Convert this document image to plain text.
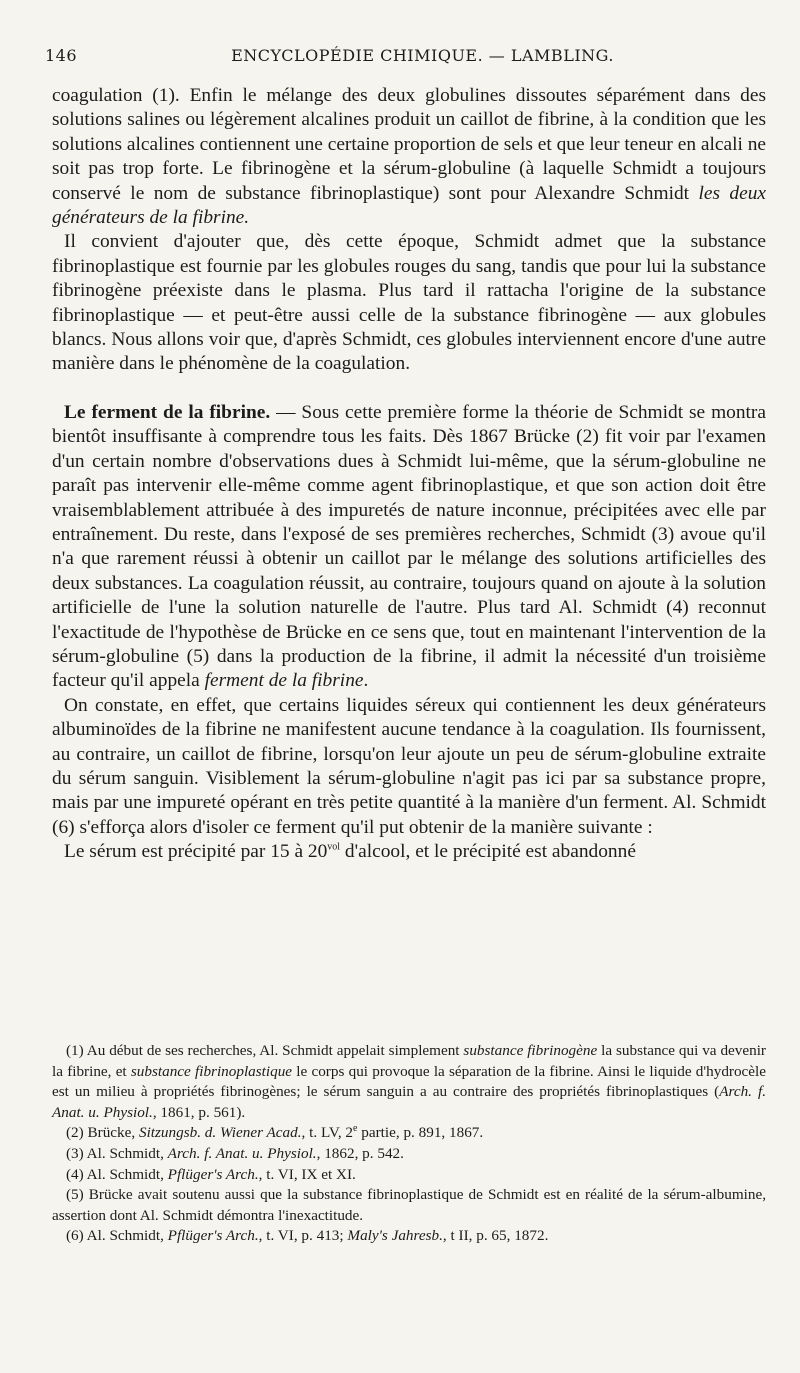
146	ENCYCLOPÉDIE CHIMIQUE. — LAMBLING.

coagulation (1). Enfin le mélange des deux globulines dissoutes séparément dans des solutions salines ou légèrement alcalines produit un caillot de fibrine, à la condition que les solutions alcalines contiennent une certaine proportion de sels et que leur teneur en alcali ne soit pas trop forte. Le fibrinogène et la sérum-globuline (à laquelle Schmidt a toujours conservé le nom de substance fibrinoplastique) sont pour Alexandre Schmidt les deux générateurs de la fibrine.

Il convient d'ajouter que, dès cette époque, Schmidt admet que la substance fibrinoplastique est fournie par les globules rouges du sang, tandis que pour lui la substance fibrinogène préexiste dans le plasma. Plus tard il rattacha l'origine de la substance fibrinoplastique — et peut-être aussi celle de la substance fibrinogène — aux globules blancs. Nous allons voir que, d'après Schmidt, ces globules interviennent encore d'une autre manière dans le phénomène de la coagulation.

Le ferment de la fibrine. — Sous cette première forme la théorie de Schmidt se montra bientôt insuffisante à comprendre tous les faits. Dès 1867 Brücke (2) fit voir par l'examen d'un certain nombre d'observations dues à Schmidt lui-même, que la sérum-globuline ne paraît pas intervenir elle-même comme agent fibrinoplastique, et que son action doit être vraisemblablement attribuée à des impuretés de nature inconnue, précipitées avec elle par entraînement. Du reste, dans l'exposé de ses premières recherches, Schmidt (3) avoue qu'il n'a que rarement réussi à obtenir un caillot par le mélange des solutions artificielles des deux substances. La coagulation réussit, au contraire, toujours quand on ajoute à la solution artificielle de l'une la solution naturelle de l'autre. Plus tard Al. Schmidt (4) reconnut l'exactitude de l'hypothèse de Brücke en ce sens que, tout en maintenant l'intervention de la sérum-globuline (5) dans la production de la fibrine, il admit la nécessité d'un troisième facteur qu'il appela ferment de la fibrine.

On constate, en effet, que certains liquides séreux qui contiennent les deux générateurs albuminoïdes de la fibrine ne manifestent aucune tendance à la coagulation. Ils fournissent, au contraire, un caillot de fibrine, lorsqu'on leur ajoute un peu de sérum-globuline extraite du sérum sanguin. Visiblement la sérum-globuline n'agit pas ici par sa substance propre, mais par une impureté opérant en très petite quantité à la manière d'un ferment. Al. Schmidt (6) s'efforça alors d'isoler ce ferment qu'il put obtenir de la manière suivante :

Le sérum est précipité par 15 à $20^{vol}$ d'alcool, et le précipité est abandonné

(1) Au début de ses recherches, Al. Schmidt appelait simplement substance fibrinogène la substance qui va devenir la fibrine, et substance fibrinoplastique le corps qui provoque la séparation de la fibrine. Ainsi le liquide d'hydrocèle est un milieu à propriétés fibrinogènes; le sérum sanguin a au contraire des propriétés fibrinoplastiques (Arch. f. Anat. u. Physiol., 1861, p. 561).

(2) Brücke, Sitzungsb. d. Wiener Acad., t. LV, 2e partie, p. 891, 1867.

(3) Al. Schmidt, Arch. f. Anat. u. Physiol., 1862, p. 542.

(4) Al. Schmidt, Pflüger's Arch., t. VI, IX et XI.

(5) Brücke avait soutenu aussi que la substance fibrinoplastique de Schmidt est en réalité de la sérum-albumine, assertion dont Al. Schmidt démontra l'inexactitude.

(6) Al. Schmidt, Pflüger's Arch., t. VI, p. 413; Maly's Jahresb., t II, p. 65, 1872.
